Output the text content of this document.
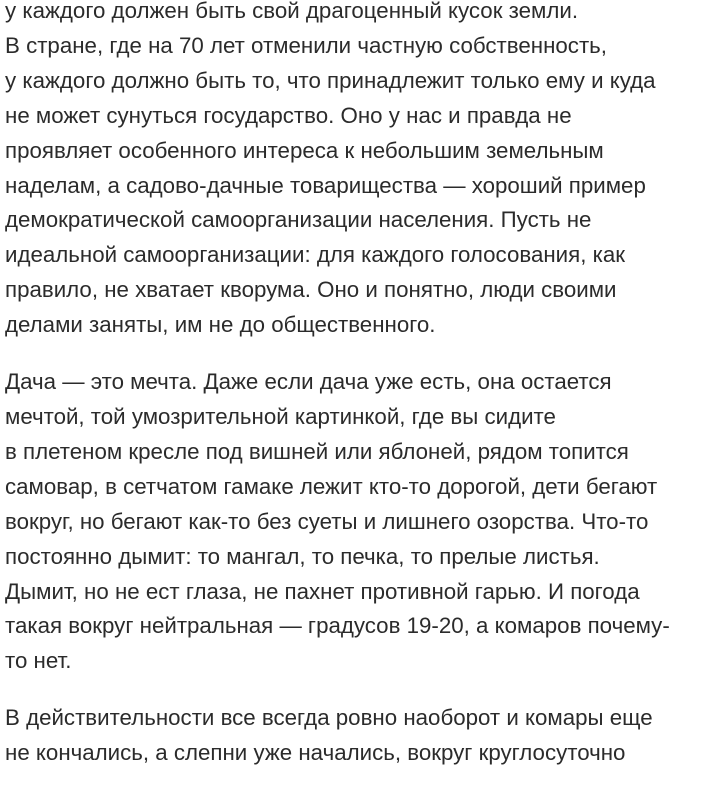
у каждого должен быть свой драгоценный кусок земли.
В стране, где на 70 лет отменили частную собственность,
у каждого должно быть то, что принадлежит только ему и куда
не может сунуться государство. Оно у нас и правда не
проявляет особенного интереса к небольшим земельным
наделам, а садово-дачные товарищества — хороший пример
демократической самоорганизации населения. Пусть не
идеальной самоорганизации: для каждого голосования, как
правило, не хватает кворума. Оно и понятно, люди своими
делами заняты, им не до общественного.

Дача — это мечта. Даже если дача уже есть, она остается
мечтой, той умозрительной картинкой, где вы сидите
в плетеном кресле под вишней или яблоней, рядом топится
самовар, в сетчатом гамаке лежит кто-то дорогой, дети бегают
вокруг, но бегают как-то без суеты и лишнего озорства. Что-то
постоянно дымит: то мангал, то печка, то прелые листья.
Дымит, но не ест глаза, не пахнет противной гарью. И погода
такая вокруг нейтральная — градусов 19-20, а комаров почему-
то нет.

В действительности все всегда ровно наоборот и комары еще
не кончались, а слепни уже начались, вокруг круглосуточно
